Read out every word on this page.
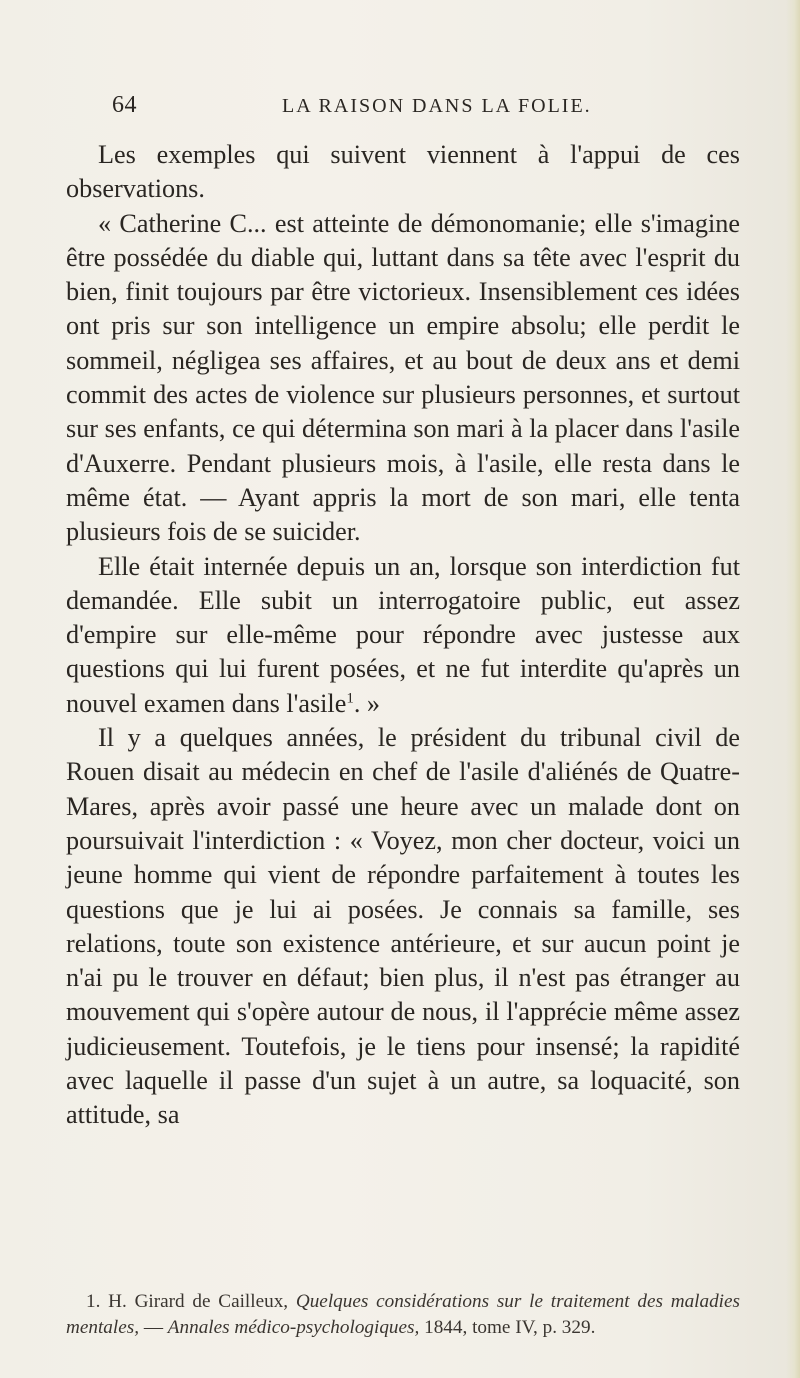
64	LA RAISON DANS LA FOLIE.

Les exemples qui suivent viennent à l'appui de ces observations.

« Catherine C... est atteinte de démonomanie; elle s'imagine être possédée du diable qui, luttant dans sa tête avec l'esprit du bien, finit toujours par être victorieux. Insensiblement ces idées ont pris sur son intelligence un empire absolu; elle perdit le sommeil, négligea ses affaires, et au bout de deux ans et demi commit des actes de violence sur plusieurs personnes, et surtout sur ses enfants, ce qui détermina son mari à la placer dans l'asile d'Auxerre. Pendant plusieurs mois, à l'asile, elle resta dans le même état. — Ayant appris la mort de son mari, elle tenta plusieurs fois de se suicider.

Elle était internée depuis un an, lorsque son interdiction fut demandée. Elle subit un interrogatoire public, eut assez d'empire sur elle-même pour répondre avec justesse aux questions qui lui furent posées, et ne fut interdite qu'après un nouvel examen dans l'asile$^1$. »

Il y a quelques années, le président du tribunal civil de Rouen disait au médecin en chef de l'asile d'aliénés de Quatre-Mares, après avoir passé une heure avec un malade dont on poursuivait l'interdiction : « Voyez, mon cher docteur, voici un jeune homme qui vient de répondre parfaitement à toutes les questions que je lui ai posées. Je connais sa famille, ses relations, toute son existence antérieure, et sur aucun point je n'ai pu le trouver en défaut; bien plus, il n'est pas étranger au mouvement qui s'opère autour de nous, il l'apprécie même assez judicieusement. Toutefois, je le tiens pour insensé; la rapidité avec laquelle il passe d'un sujet à un autre, sa loquacité, son attitude, sa

1. H. Girard de Cailleux, Quelques considérations sur le traitement des maladies mentales, — Annales médico-psychologiques, 1844, tome IV, p. 329.
